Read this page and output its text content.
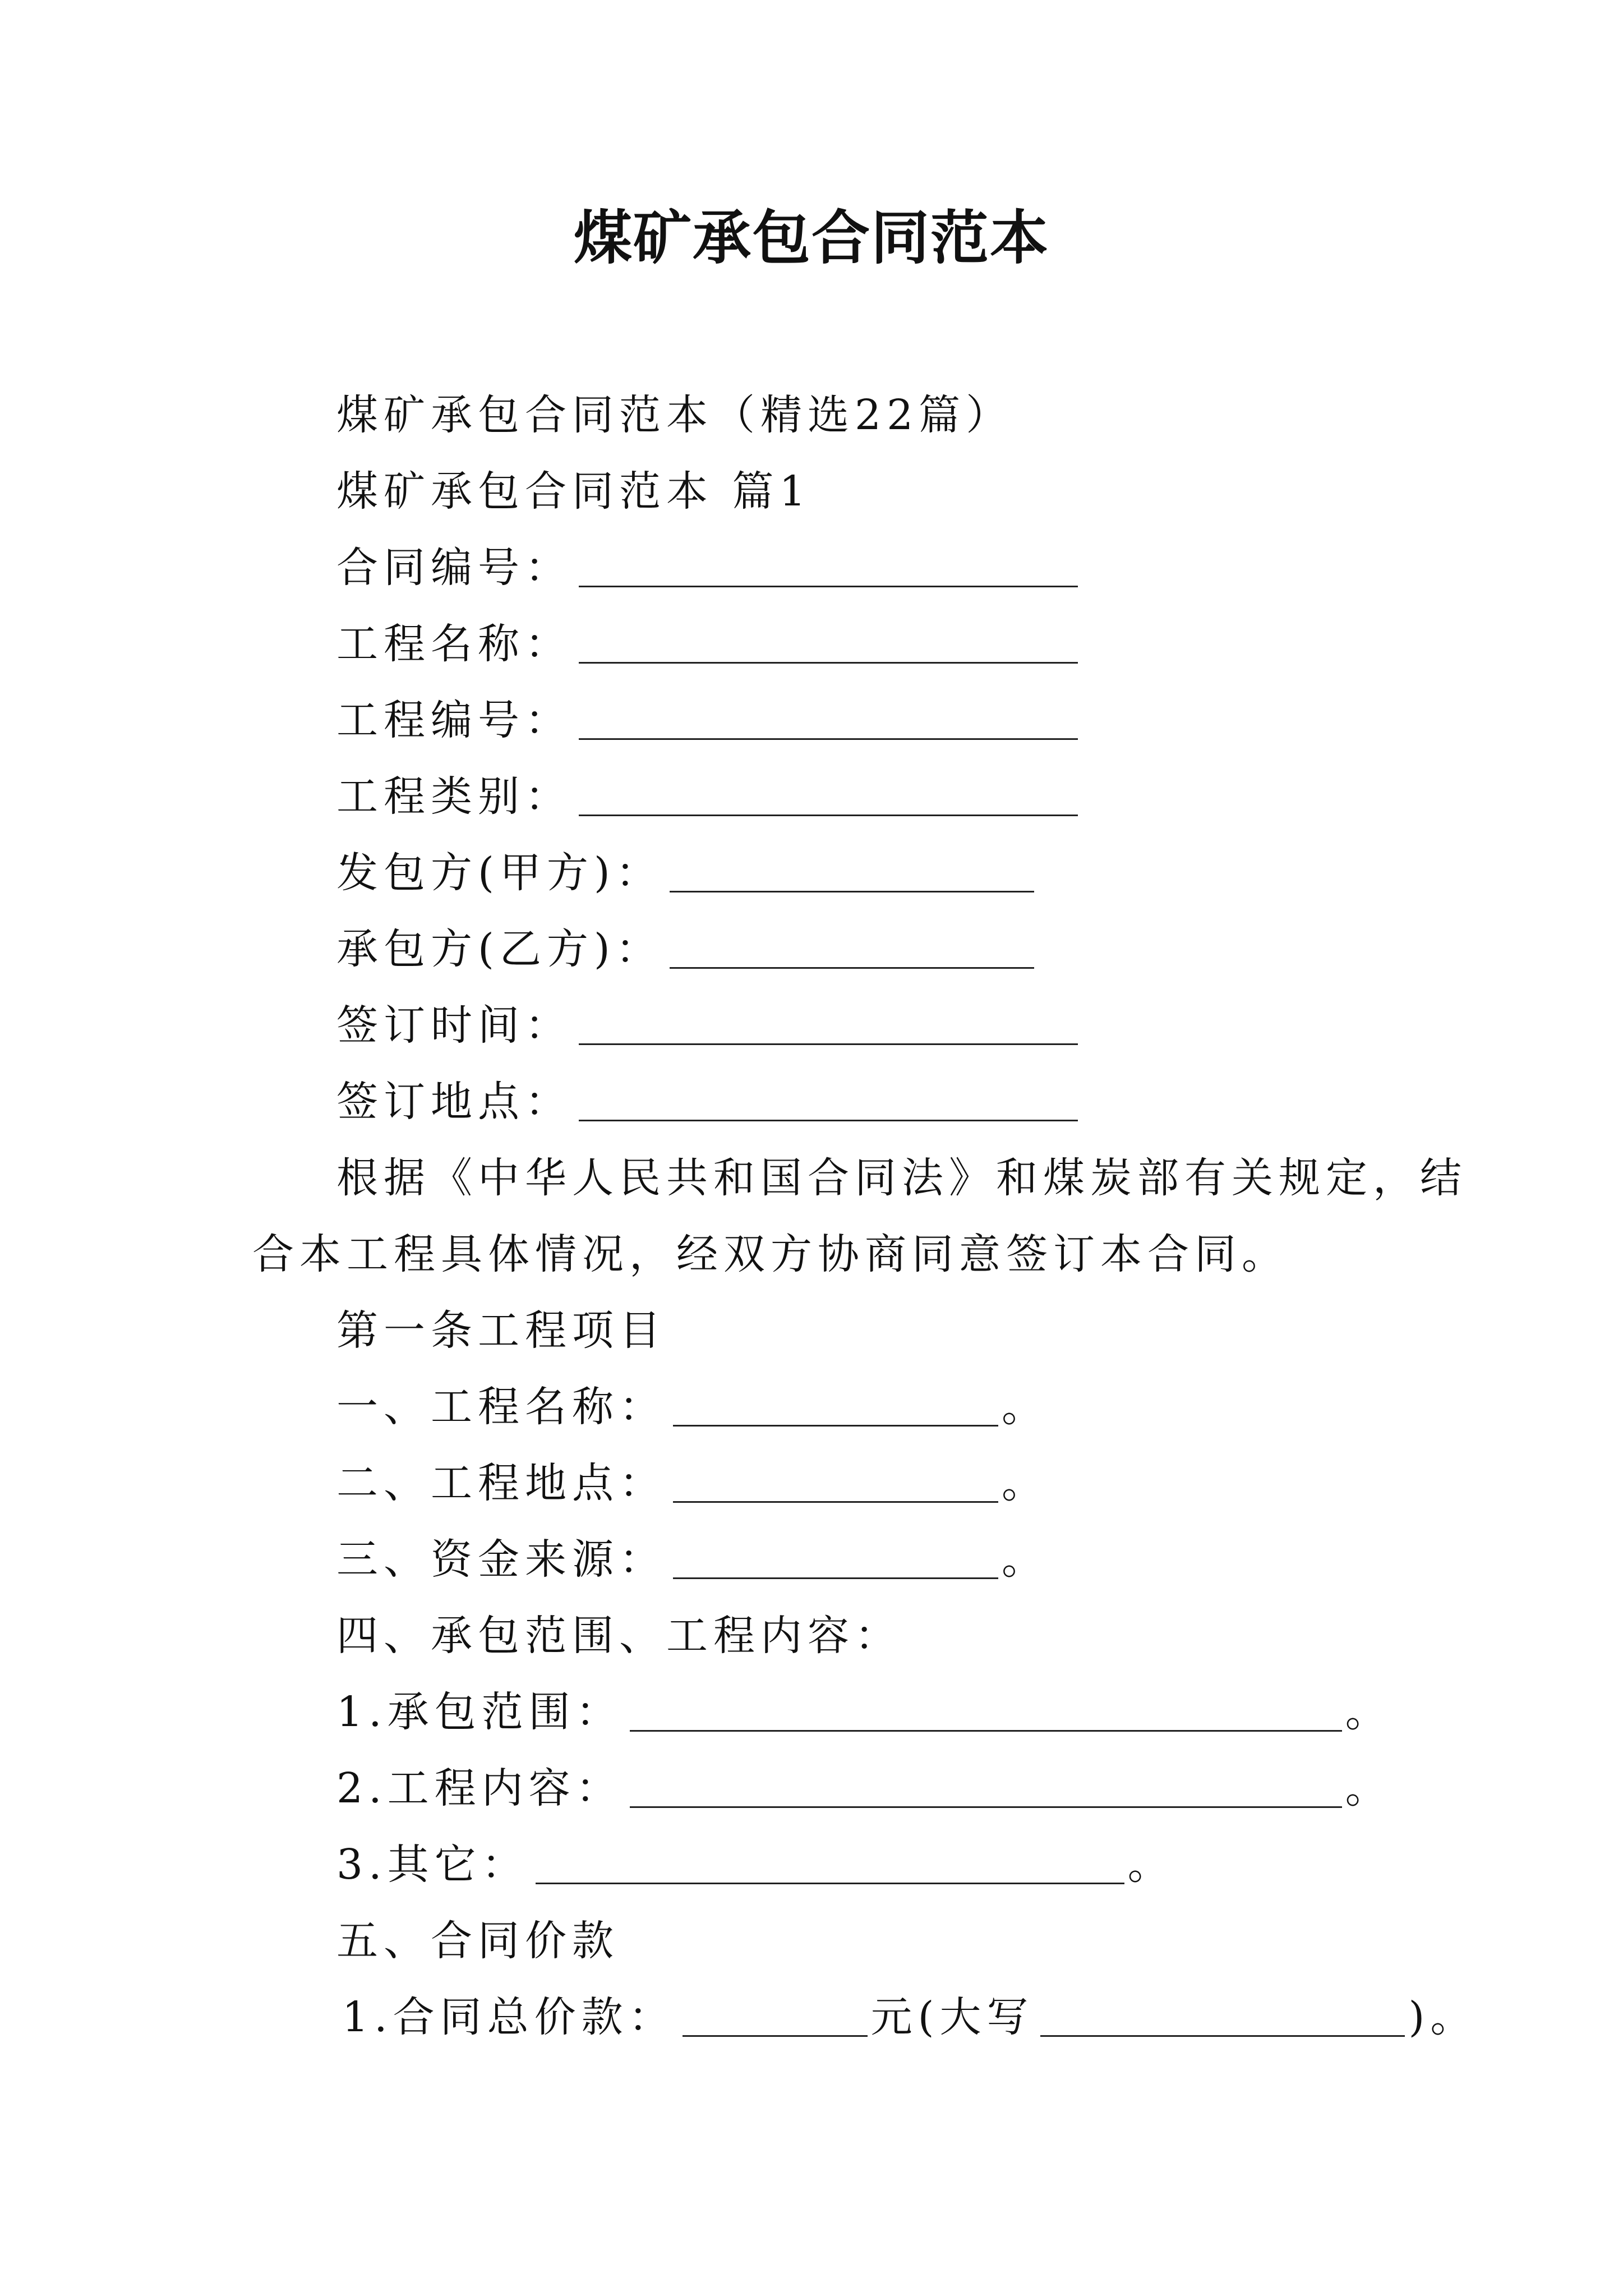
煤矿承包合同范本
煤矿承包合同范本（精选22篇）
煤矿承包合同范本 篇1
合同编号：
工程名称：
工程编号：
工程类别：
发包方(甲方)：
承包方(乙方)：
签订时间：
签订地点：
根据《中华人民共和国合同法》和煤炭部有关规定，结
合本工程具体情况，经双方协商同意签订本合同。
第一条工程项目
一、工程名称：	。
二、工程地点：	。
三、资金来源：	。
四、承包范围、工程内容：
1.承包范围：	。
2.工程内容：	。
3.其它：	。
五、合同价款
1.合同总价款：	元(大写	)。
